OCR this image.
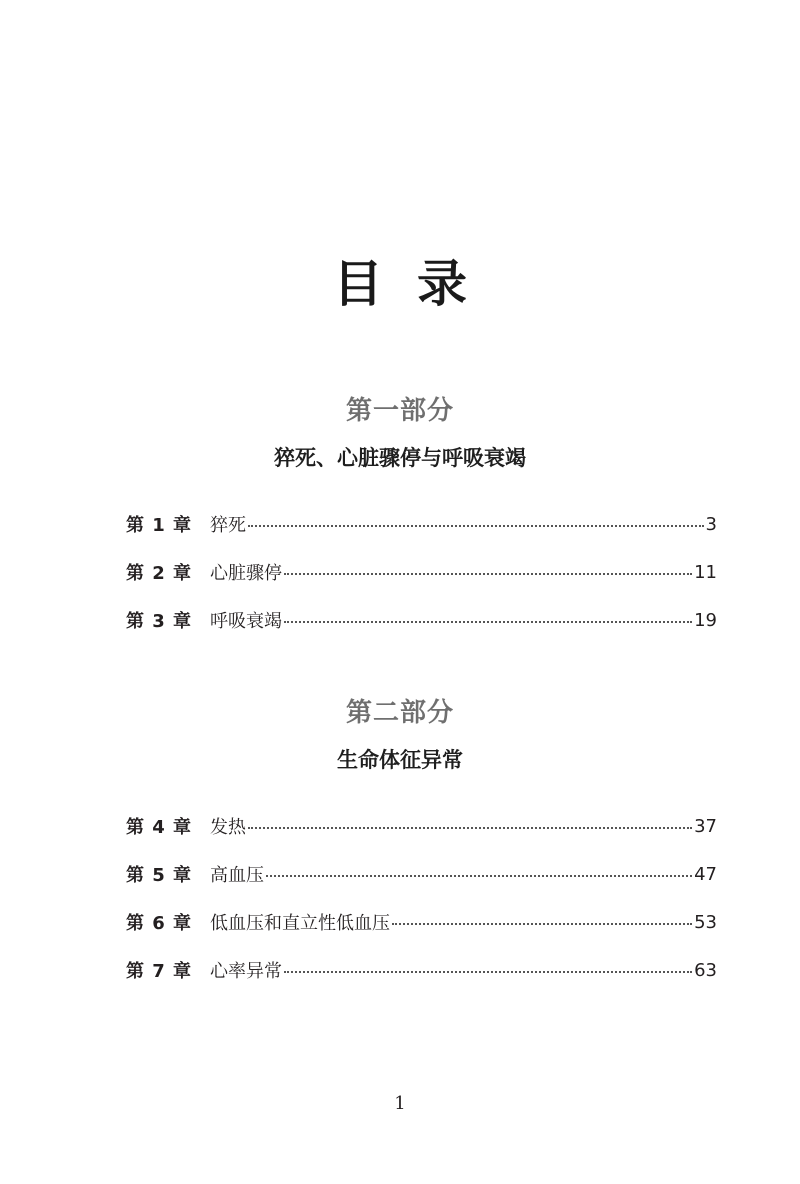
目录
第一部分
猝死、心脏骤停与呼吸衰竭
第 1 章 猝死	3
第 2 章 心脏骤停	11
第 3 章 呼吸衰竭	19
第二部分
生命体征异常
第 4 章 发热	37
第 5 章 高血压	47
第 6 章 低血压和直立性低血压	53
第 7 章 心率异常	63
1
